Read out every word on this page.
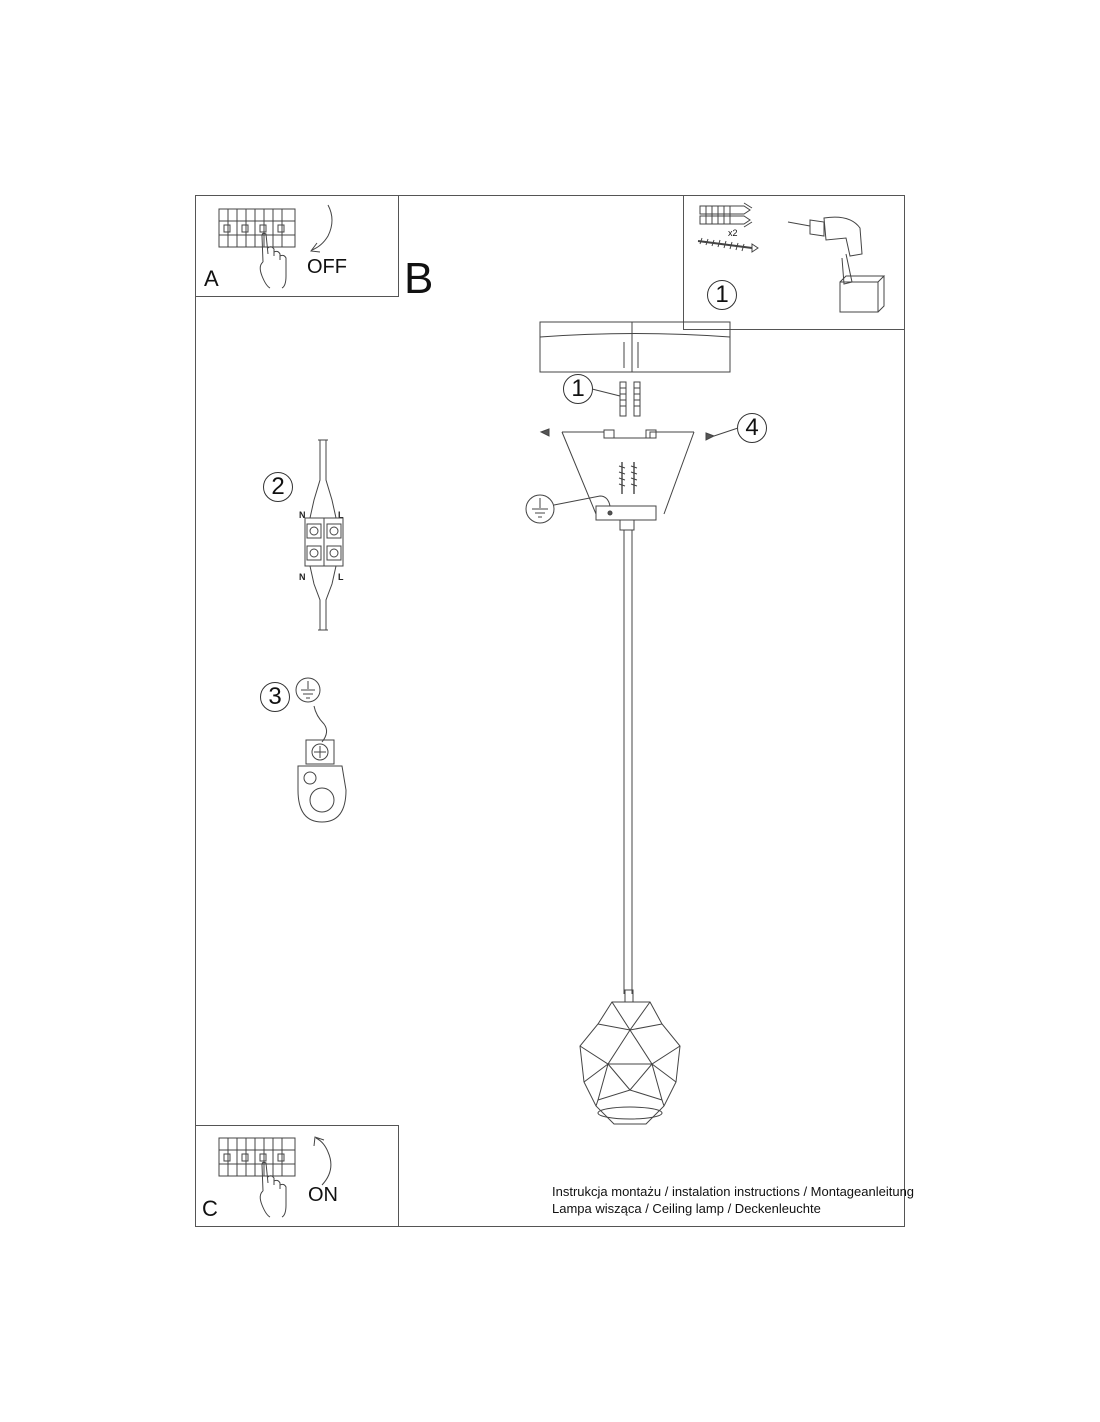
A	OFF
C
ON
x2
1
B
1
4
2
3
N	L
N	L
Instrukcja montażu / instalation instructions / Montageanleitung
Lampa wisząca / Ceiling lamp / Deckenleuchte
